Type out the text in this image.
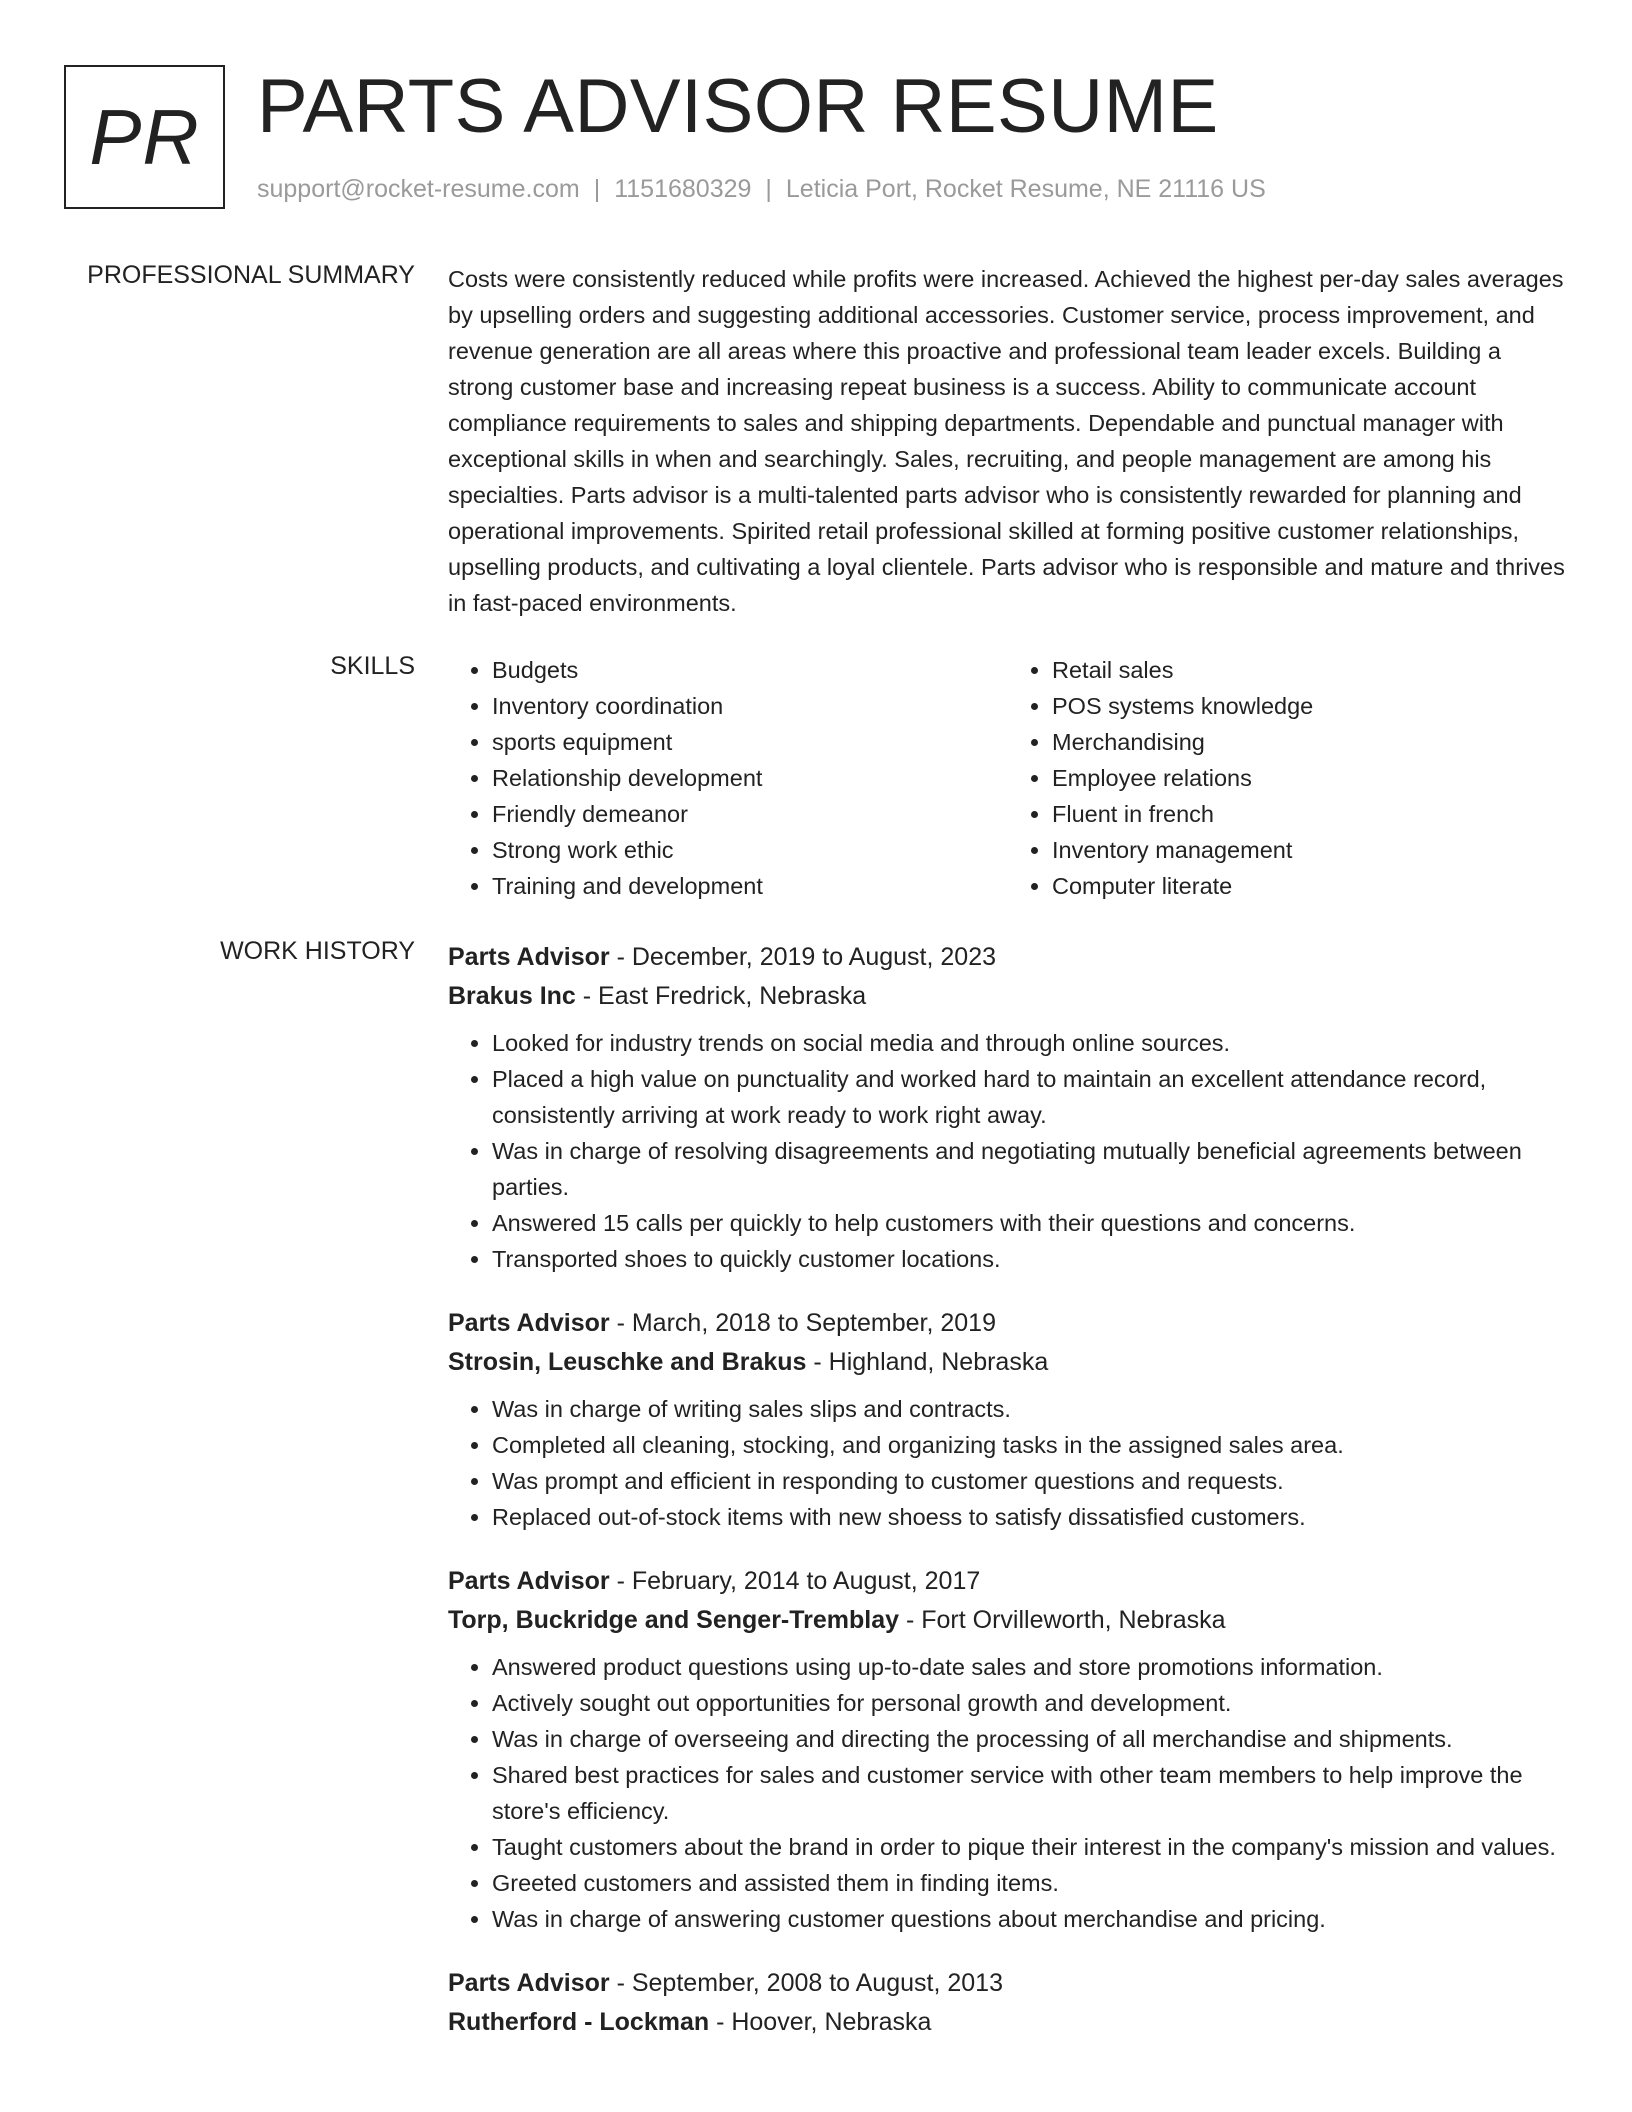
PR PARTS ADVISOR RESUME
support@rocket-resume.com | 1151680329 | Leticia Port, Rocket Resume, NE 21116 US
PROFESSIONAL SUMMARY Costs were consistently reduced while profits were increased. Achieved the highest per-day sales averages by upselling orders and suggesting additional accessories. Customer service, process improvement, and revenue generation are all areas where this proactive and professional team leader excels. Building a strong customer base and increasing repeat business is a success. Ability to communicate account compliance requirements to sales and shipping departments. Dependable and punctual manager with exceptional skills in when and searchingly. Sales, recruiting, and people management are among his specialties. Parts advisor is a multi-talented parts advisor who is consistently rewarded for planning and operational improvements. Spirited retail professional skilled at forming positive customer relationships, upselling products, and cultivating a loyal clientele. Parts advisor who is responsible and mature and thrives in fast-paced environments.

SKILLS
•	Budgets
• Inventory coordination
• sports equipment
• Relationship development
• Friendly demeanor
• Strong work ethic
• Training and development
• Retail sales
• POS systems knowledge
• Merchandising
• Employee relations
• Fluent in french
• Inventory management
• Computer literate
WORK HISTORY Parts Advisor - December, 2019 to August, 2023
Brakus Inc - East Fredrick, Nebraska
• Looked for industry trends on social media and through online sources.
• Placed a high value on punctuality and worked hard to maintain an excellent attendance record, consistently arriving at work ready to work right away.
• Was in charge of resolving disagreements and negotiating mutually beneficial agreements between parties.
• Answered 15 calls per quickly to help customers with their questions and concerns.
• Transported shoes to quickly customer locations.
Parts Advisor - March, 2018 to September, 2019
Strosin, Leuschke and Brakus - Highland, Nebraska
• Was in charge of writing sales slips and contracts.
• Completed all cleaning, stocking, and organizing tasks in the assigned sales area.
• Was prompt and efficient in responding to customer questions and requests.
• Replaced out-of-stock items with new shoess to satisfy dissatisfied customers.
Parts Advisor - February, 2014 to August, 2017
Torp, Buckridge and Senger-Tremblay - Fort Orvilleworth, Nebraska
• Answered product questions using up-to-date sales and store promotions information.
• Actively sought out opportunities for personal growth and development.
• Was in charge of overseeing and directing the processing of all merchandise and shipments.
• Shared best practices for sales and customer service with other team members to help improve the store's efficiency.
• Taught customers about the brand in order to pique their interest in the company's mission and values.
• Greeted customers and assisted them in finding items.
• Was in charge of answering customer questions about merchandise and pricing.
Parts Advisor - September, 2008 to August, 2013
Rutherford - Lockman - Hoover, Nebraska
